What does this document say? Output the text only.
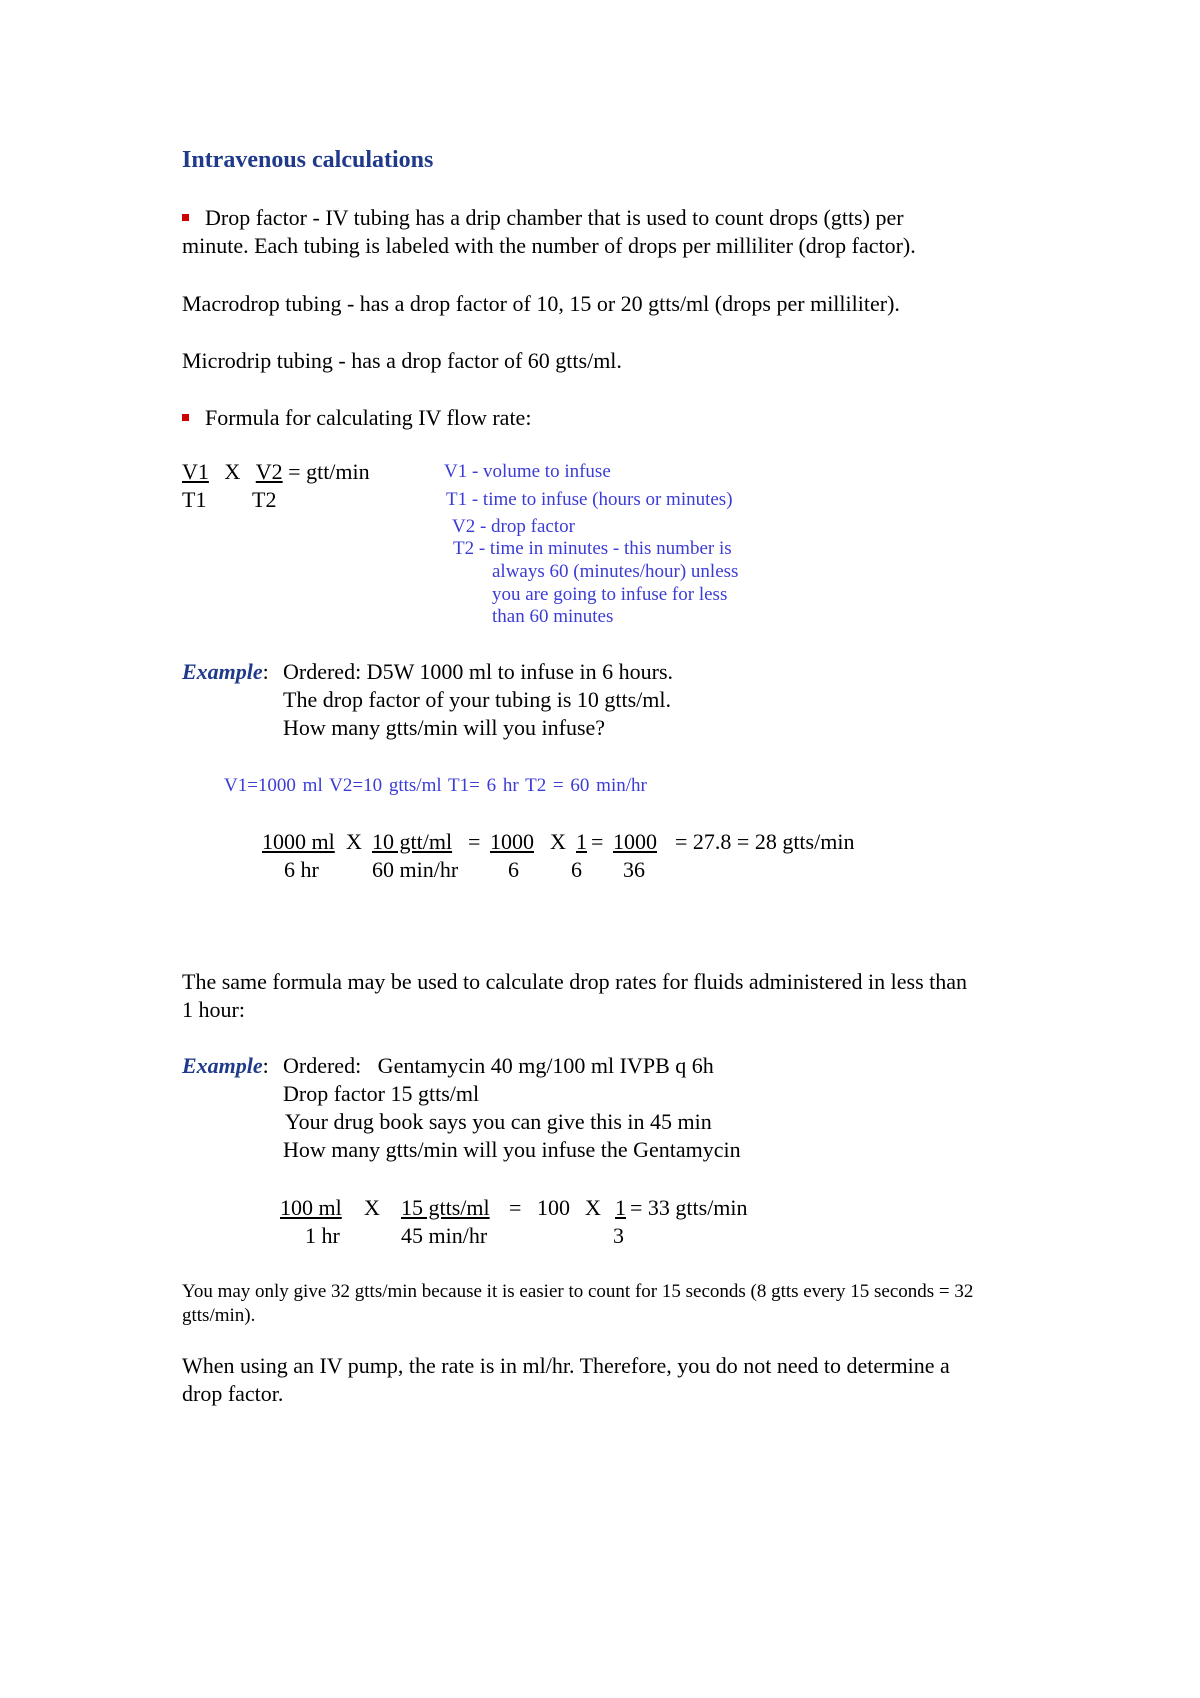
Intravenous calculations
Drop factor - IV tubing has a drip chamber that is used to count drops (gtts) per
minute. Each tubing is labeled with the number of drops per milliliter (drop factor).
Macrodrop tubing - has a drop factor of 10, 15 or 20 gtts/ml (drops per milliliter).
Microdrip tubing - has a drop factor of 60 gtts/ml.
Formula for calculating IV flow rate:
V1 X V2 = gtt/min
T1 T2
V1 - volume to infuse
T1 - time to infuse (hours or minutes)
V2 - drop factor
T2 - time in minutes - this number is
always 60 (minutes/hour) unless
you are going to infuse for less
than 60 minutes
Example: Ordered: D5W 1000 ml to infuse in 6 hours.
The drop factor of your tubing is 10 gtts/ml.
How many gtts/min will you infuse?
V1=1000 ml V2=10 gtts/ml T1= 6 hr T2 = 60 min/hr
1000 ml X 10 gtt/ml = 1000 X 1 = 1000 = 27.8 = 28 gtts/min
6 hr 60 min/hr 6 6 36
The same formula may be used to calculate drop rates for fluids administered in less than
1 hour:
Example: Ordered:   Gentamycin 40 mg/100 ml IVPB q 6h
Drop factor 15 gtts/ml
Your drug book says you can give this in 45 min
How many gtts/min will you infuse the Gentamycin
100 ml X 15 gtts/ml = 100 X 1 = 33 gtts/min
1 hr	45 min/hr	3
You may only give 32 gtts/min because it is easier to count for 15 seconds (8 gtts every 15 seconds = 32
gtts/min).
When using an IV pump, the rate is in ml/hr. Therefore, you do not need to determine a
drop factor.
